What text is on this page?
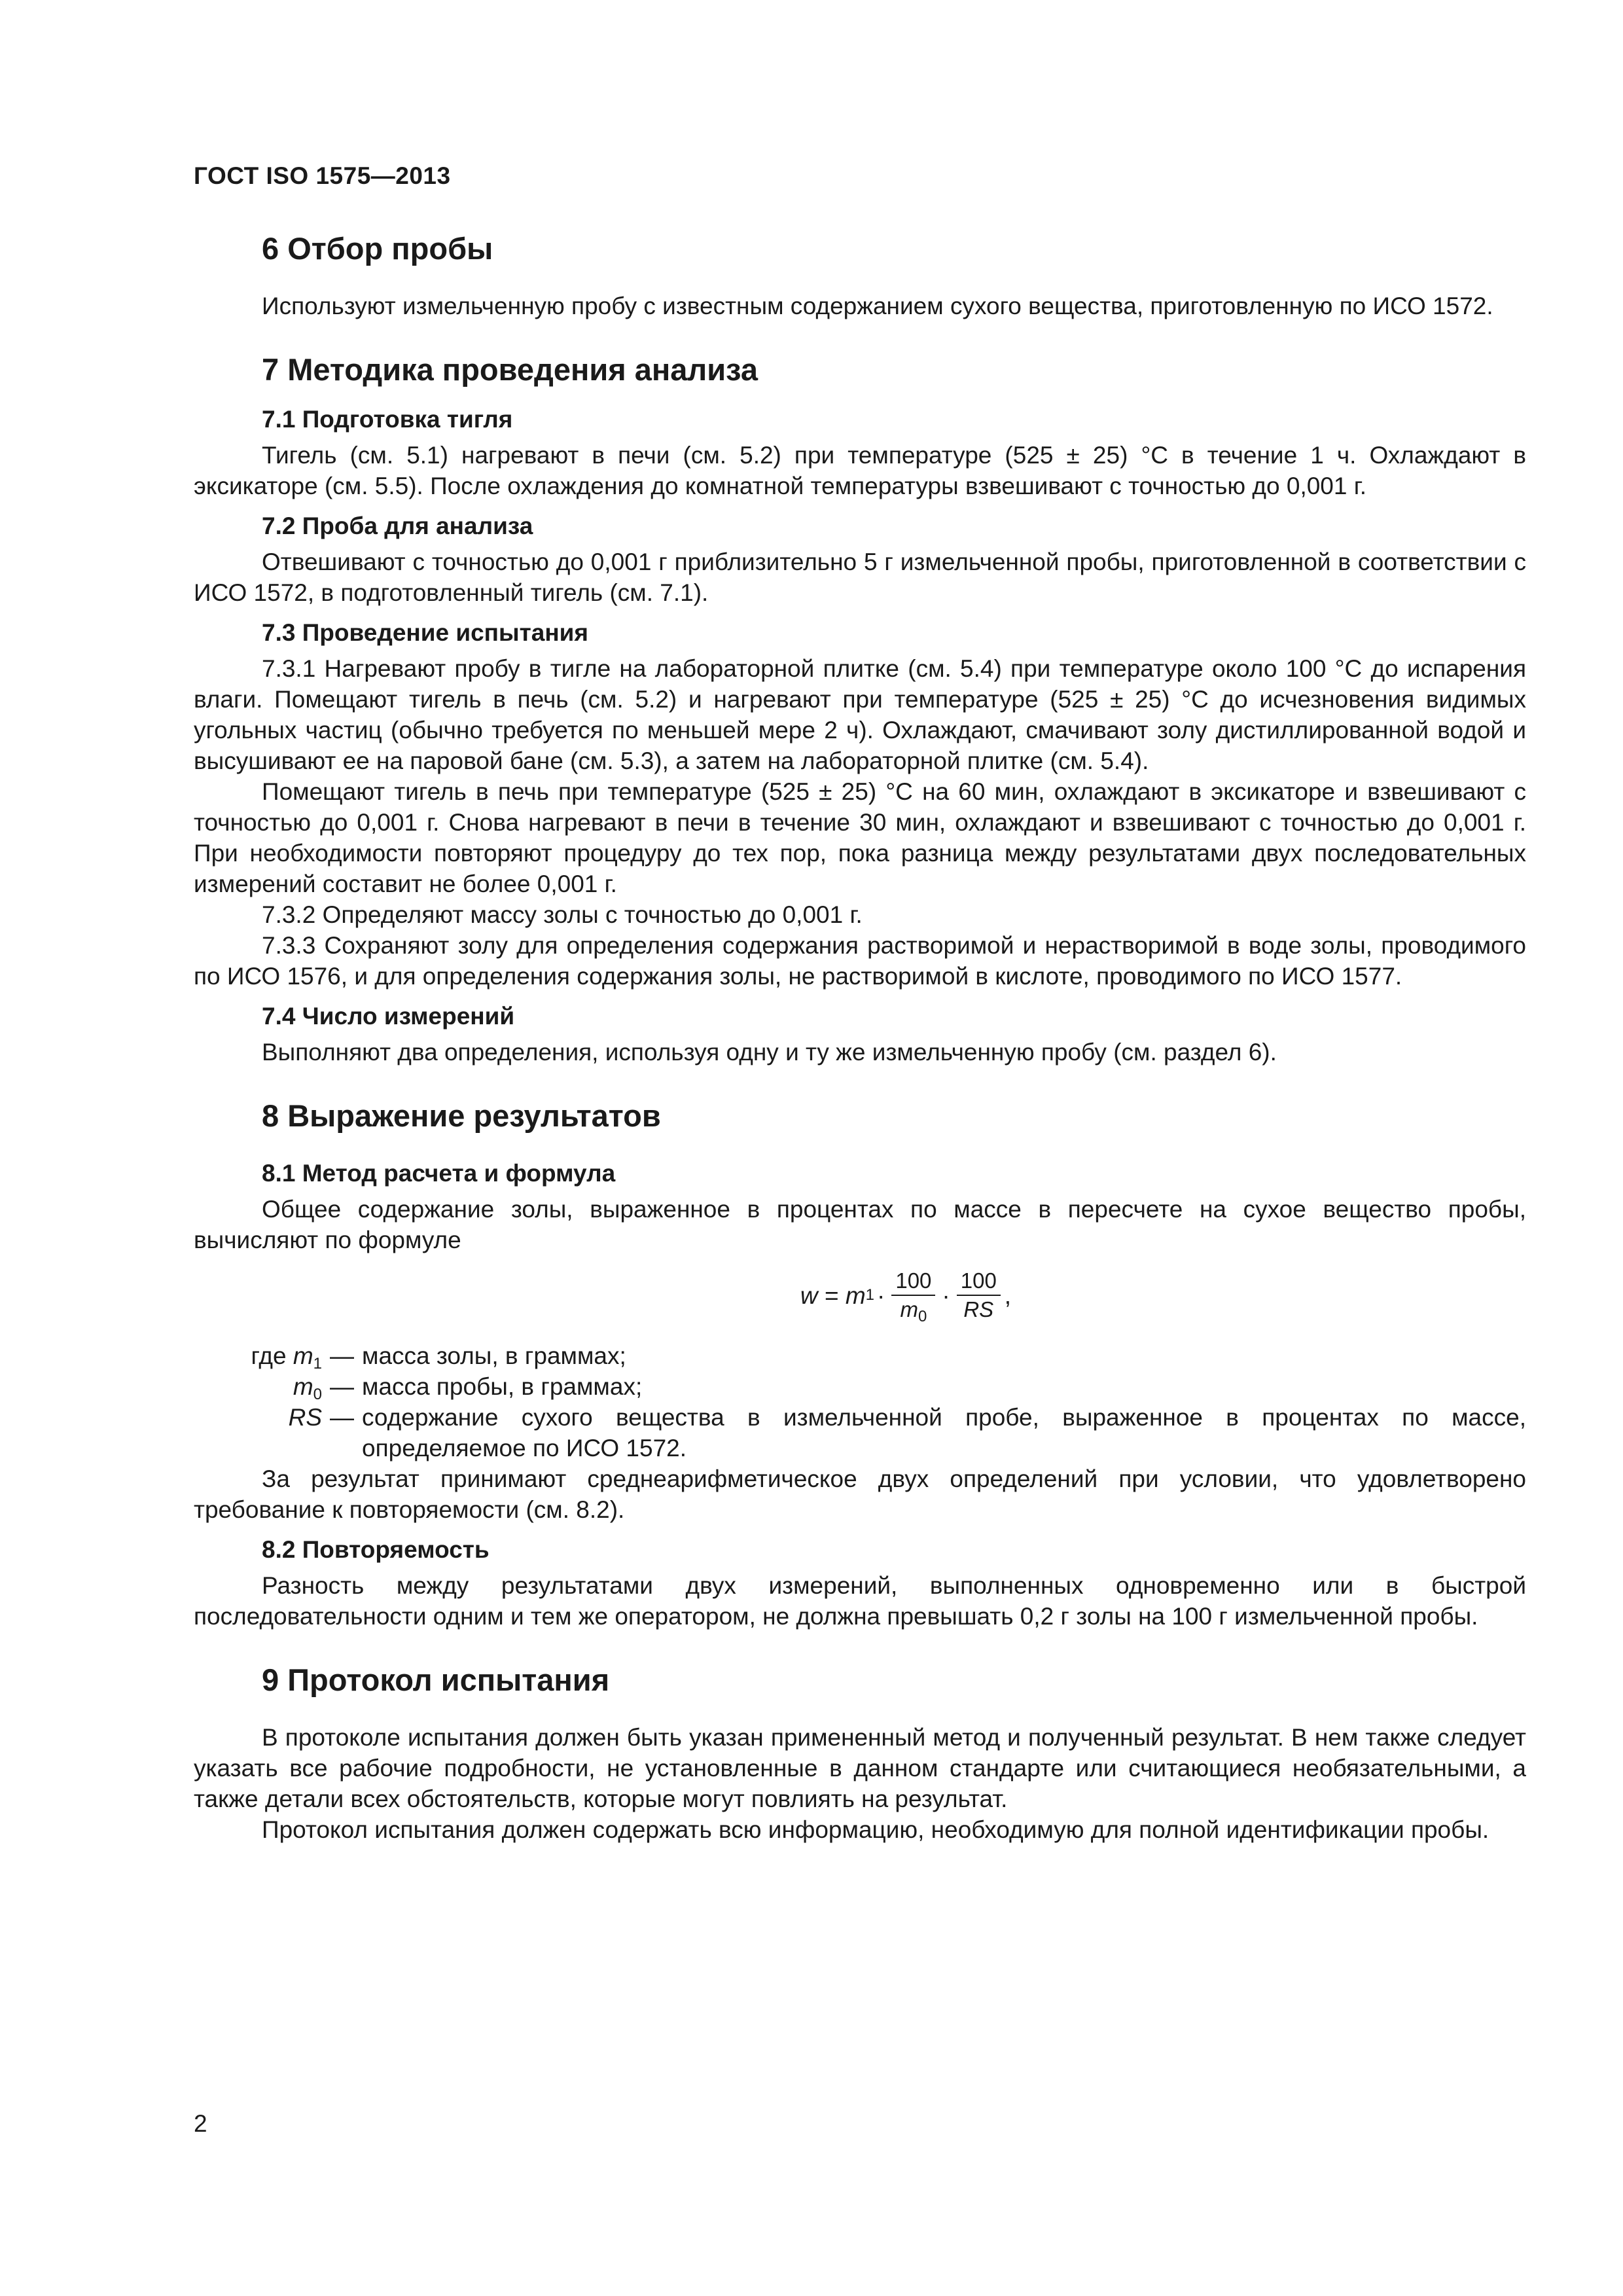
ГОСТ ISO 1575—2013
6 Отбор пробы

Используют измельченную пробу с известным содержанием сухого вещества, приготовленную по ИСО 1572.

7 Методика проведения анализа
7.1 Подготовка тигля

Тигель (см. 5.1) нагревают в печи (см. 5.2) при температуре (525 ± 25) °С в течение 1 ч. Охлаждают в эксикаторе (см. 5.5). После охлаждения до комнатной температуры взвешивают с точностью до 0,001 г.

7.2 Проба для анализа

Отвешивают с точностью до 0,001 г приблизительно 5 г измельченной пробы, приготовленной в соответствии с ИСО 1572, в подготовленный тигель (см. 7.1).

7.3 Проведение испытания

7.3.1 Нагревают пробу в тигле на лабораторной плитке (см. 5.4) при температуре около 100 °С до испарения влаги. Помещают тигель в печь (см. 5.2) и нагревают при температуре (525 ± 25) °С до исчезновения видимых угольных частиц (обычно требуется по меньшей мере 2 ч). Охлаждают, смачивают золу дистиллированной водой и высушивают ее на паровой бане (см. 5.3), а затем на лабораторной плитке (см. 5.4).

Помещают тигель в печь при температуре (525 ± 25) °С на 60 мин, охлаждают в эксикаторе и взвешивают с точностью до 0,001 г. Снова нагревают в печи в течение 30 мин, охлаждают и взвешивают с точностью до 0,001 г. При необходимости повторяют процедуру до тех пор, пока разница между результатами двух последовательных измерений составит не более 0,001 г.

7.3.2 Определяют массу золы с точностью до 0,001 г.

7.3.3 Сохраняют золу для определения содержания растворимой и нерастворимой в воде золы, проводимого по ИСО 1576, и для определения содержания золы, не растворимой в кислоте, проводимого по ИСО 1577.

7.4 Число измерений

Выполняют два определения, используя одну и ту же измельченную пробу (см. раздел 6).

8 Выражение результатов
8.1 Метод расчета и формула

Общее содержание золы, выраженное в процентах по массе в пересчете на сухое вещество пробы, вычисляют по формуле

w
=
m $1 \cdot \frac{100}{m_0} \cdot \frac{100}{RS}$ ,
где $m_1$ — масса золы, в граммах;
$m_0$ — масса пробы, в граммах;
RS — содержание сухого вещества в измельченной пробе, выраженное в процентах по массе, определяемое по ИСО 1572.

За результат принимают среднеарифметическое двух определений при условии, что удовлетворено требование к повторяемости (см. 8.2).

8.2 Повторяемость

Разность между результатами двух измерений, выполненных одновременно или в быстрой последовательности одним и тем же оператором, не должна превышать 0,2 г золы на 100 г измельченной пробы.

9 Протокол испытания

В протоколе испытания должен быть указан примененный метод и полученный результат. В нем также следует указать все рабочие подробности, не установленные в данном стандарте или считающиеся необязательными, а также детали всех обстоятельств, которые могут повлиять на результат.

Протокол испытания должен содержать всю информацию, необходимую для полной идентификации пробы.

2
